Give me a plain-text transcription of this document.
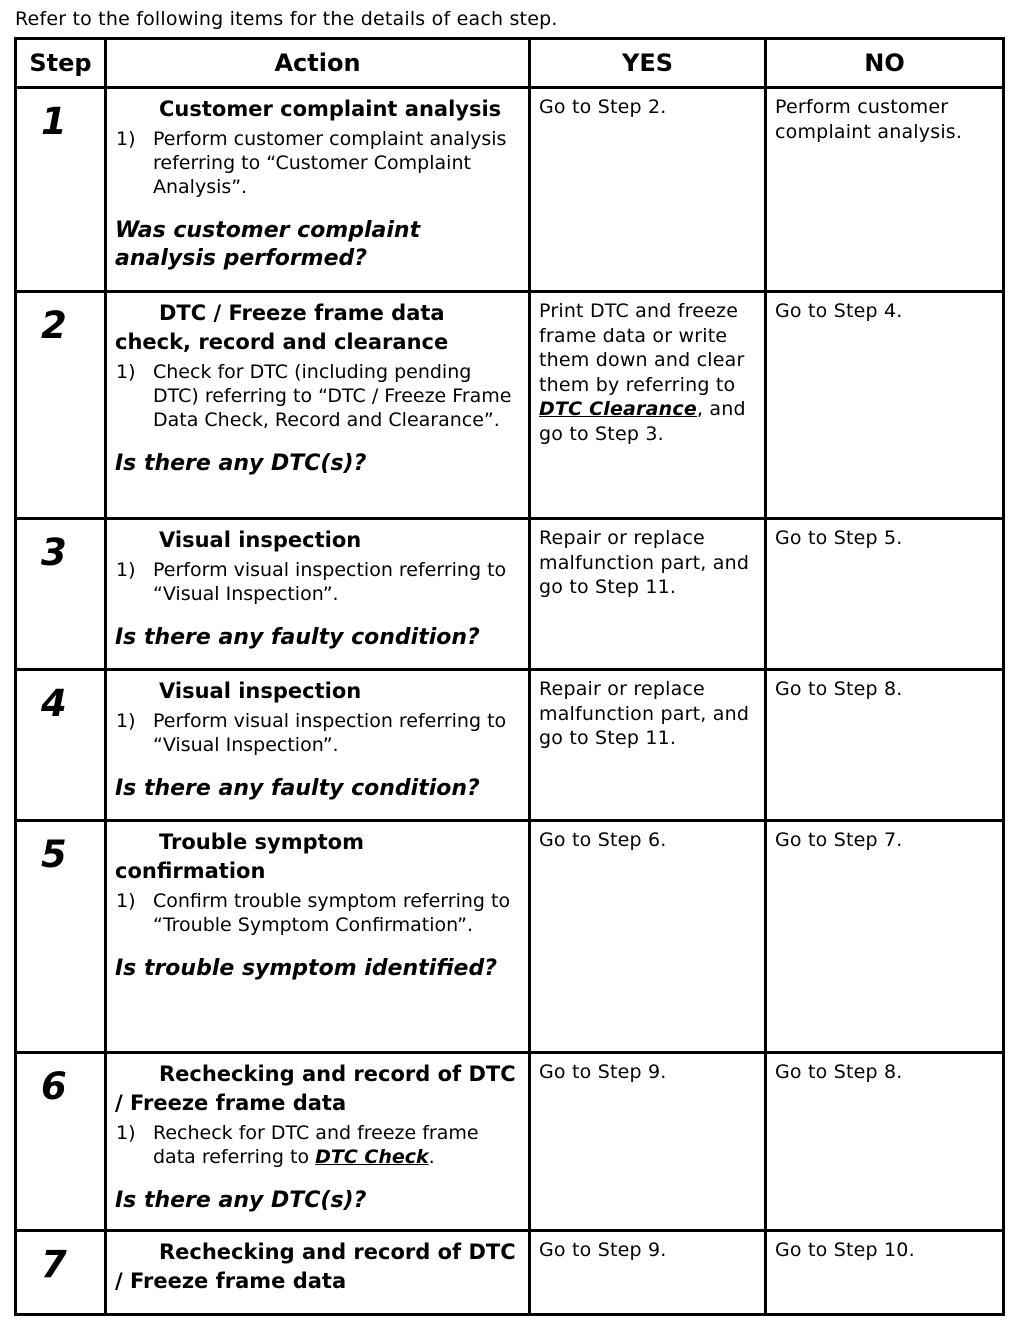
Refer to the following items for the details of each step.
Step	Action	YES	NO

1	Customer complaint analysis
1) Perform customer complaint analysis referring to “Customer Complaint Analysis”.
Was customer complaint analysis performed?	Go to Step 2.	Perform customer complaint analysis.

2	DTC / Freeze frame data check, record and clearance
1) Check for DTC (including pending DTC) referring to “DTC / Freeze Frame Data Check, Record and Clearance”.
Is there any DTC(s)?	Print DTC and freeze frame data or write them down and clear them by referring to DTC Clearance, and go to Step 3.	Go to Step 4.

3	Visual inspection
1) Perform visual inspection referring to “Visual Inspection”.
Is there any faulty condition?	Repair or replace malfunction part, and go to Step 11.	Go to Step 5.

4	Visual inspection
1) Perform visual inspection referring to “Visual Inspection”.
Is there any faulty condition?	Repair or replace malfunction part, and go to Step 11.	Go to Step 8.

5	Trouble symptom confirmation
1) Confirm trouble symptom referring to “Trouble Symptom Confirmation”.
Is trouble symptom identified?	Go to Step 6.	Go to Step 7.

6	Rechecking and record of DTC / Freeze frame data
1) Recheck for DTC and freeze frame data referring to DTC Check.
Is there any DTC(s)?	Go to Step 9.	Go to Step 8.

7	Rechecking and record of DTC / Freeze frame data	Go to Step 9.	Go to Step 10.
